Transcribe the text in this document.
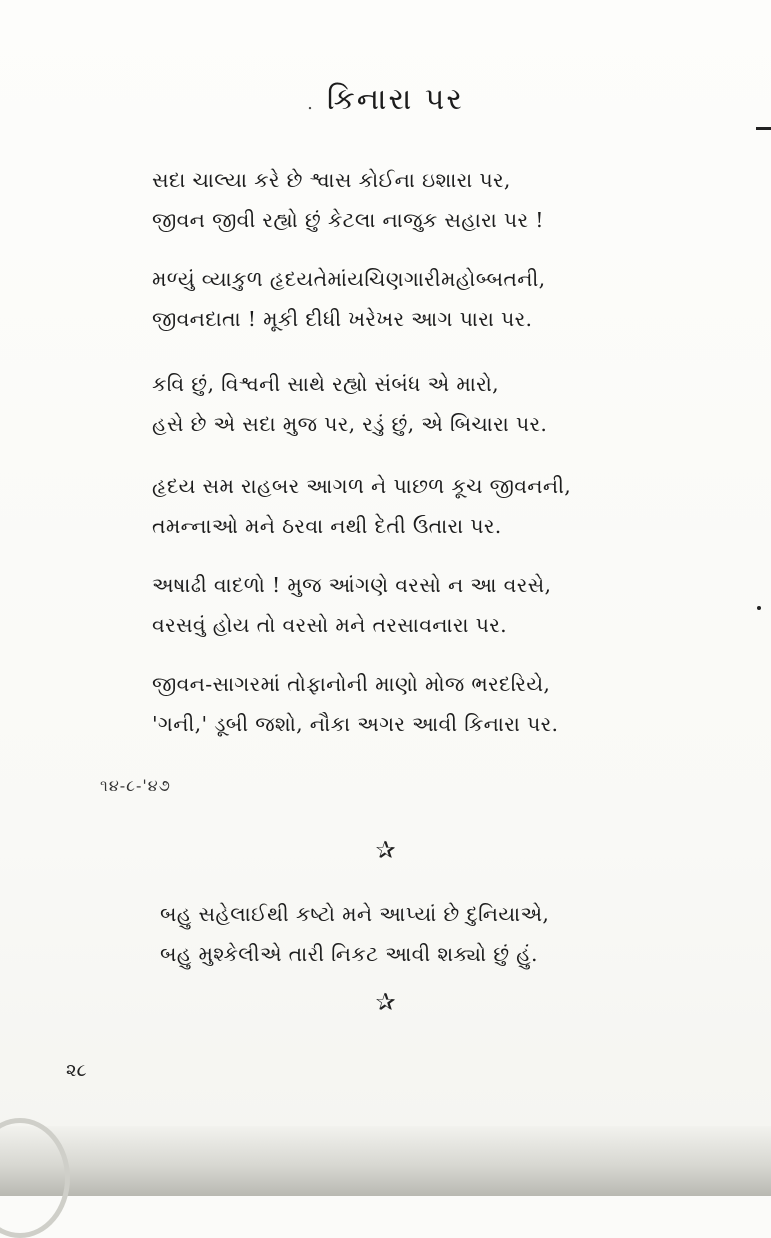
. કિનારા પર
સદા ચાલ્યા કરે છે શ્વાસ કોઈના ઇશારા પર,
જીવન જીવી રહ્યો છું કેટલા નાજુક સહારા પર !
મળ્યું વ્યાકુળ હૃદયતેમાંયચિણગારીમહોબ્બતની,
જીવનદાતા ! મૂકી દીધી ખરેખર આગ પારા પર.
કવિ છું, વિશ્વની સાથે રહ્યો સંબંધ એ મારો,
હસે છે એ સદા મુજ પર, રડું છું, એ બિચારા પર.
હૃદય સમ રાહબર આગળ ને પાછળ કૂચ જીવનની,
તમન્નાઓ મને ઠરવા નથી દેતી ઉતારા પર.
અષાઢી વાદળો ! મુજ આંગણે વરસો ન આ વરસે,
વરસવું હોય તો વરસો મને તરસાવનારા પર.
જીવન-સાગરમાં તોફાનોની માણો મોજ ભરદરિયે,
'ગની,' ડૂબી જશો, નૌકા અગર આવી કિનારા પર.
૧૪-૮-'૪૭
✰
બહુ સહેલાઈથી કષ્ટો મને આપ્યાં છે દુનિયાએ,
બહુ મુશ્કેલીએ તારી નિકટ આવી શક્યો છું હું.
✰
૨૮
